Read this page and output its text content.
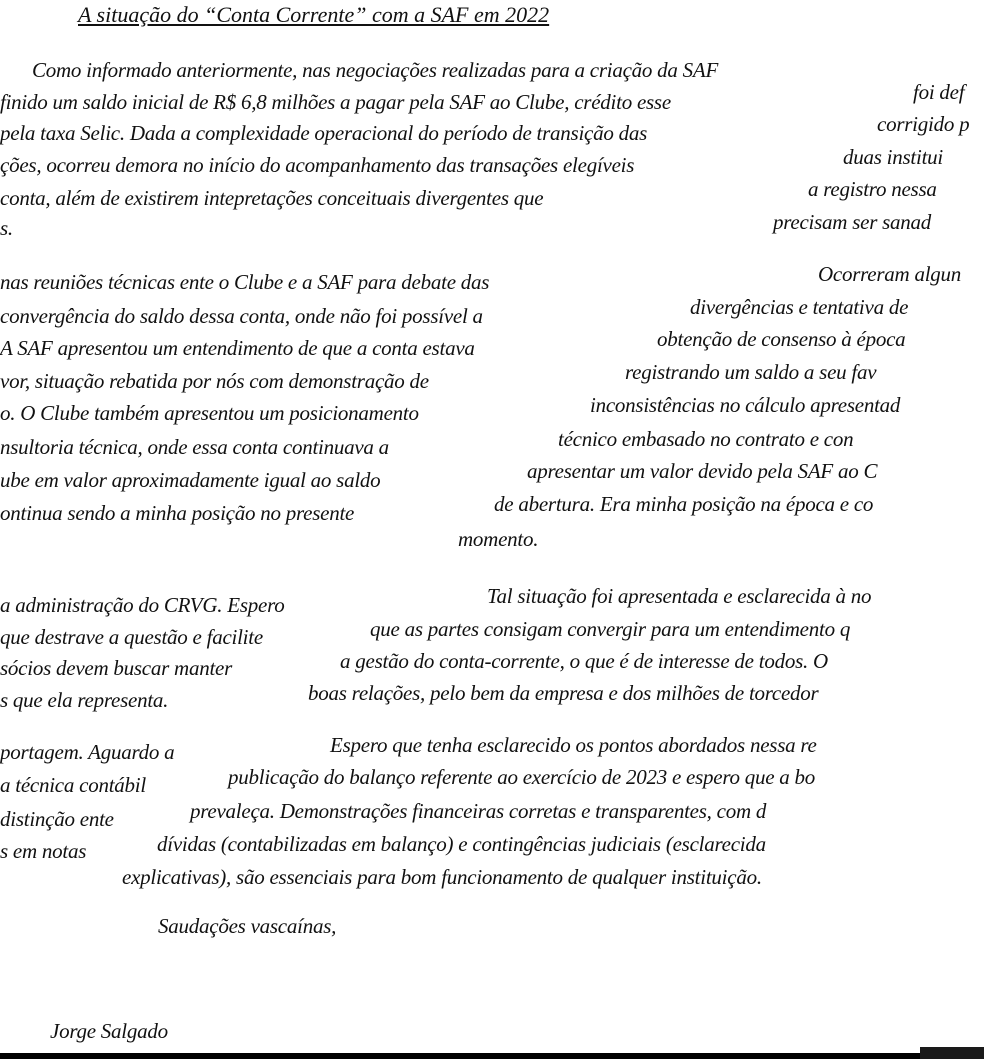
A situação do “Conta Corrente” com a SAF em 2022
Como informado anteriormente, nas negociações realizadas para a criação da SAF
finido um saldo inicial de R$ 6,8 milhões a pagar pela SAF ao Clube, crédito esse
pela taxa Selic. Dada a complexidade operacional do período de transição das
ções, ocorreu demora no início do acompanhamento das transações elegíveis
conta, além de existirem intepretações conceituais divergentes que
s.
foi def
corrigido p
duas institui
a registro nessa
precisam ser sanad
nas reuniões técnicas ente o Clube e a SAF para debate das
convergência do saldo dessa conta, onde não foi possível a
A SAF apresentou um entendimento de que a conta estava
vor, situação rebatida por nós com demonstração de
o. O Clube também apresentou um posicionamento
nsultoria técnica, onde essa conta continuava a
ube em valor aproximadamente igual ao saldo
ontinua sendo a minha posição no presente
Ocorreram algun
divergências e tentativa de
obtenção de consenso à época
registrando um saldo a seu fav
inconsistências no cálculo apresentad
técnico embasado no contrato e con
apresentar um valor devido pela SAF ao C
de abertura. Era minha posição na época e co
momento.
a administração do CRVG. Espero
que destrave a questão e facilite
sócios devem buscar manter
s que ela representa.
Tal situação foi apresentada e esclarecida à no
que as partes consigam convergir para um entendimento q
a gestão do conta-corrente, o que é de interesse de todos. O
boas relações, pelo bem da empresa e dos milhões de torcedor
portagem. Aguardo a
a técnica contábil
distinção ente
s em notas
Espero que tenha esclarecido os pontos abordados nessa re
publicação do balanço referente ao exercício de 2023 e espero que a bo
prevaleça. Demonstrações financeiras corretas e transparentes, com d
dívidas (contabilizadas em balanço) e contingências judiciais (esclarecida
explicativas), são essenciais para bom funcionamento de qualquer instituição.
Saudações vascaínas,
Jorge Salgado
